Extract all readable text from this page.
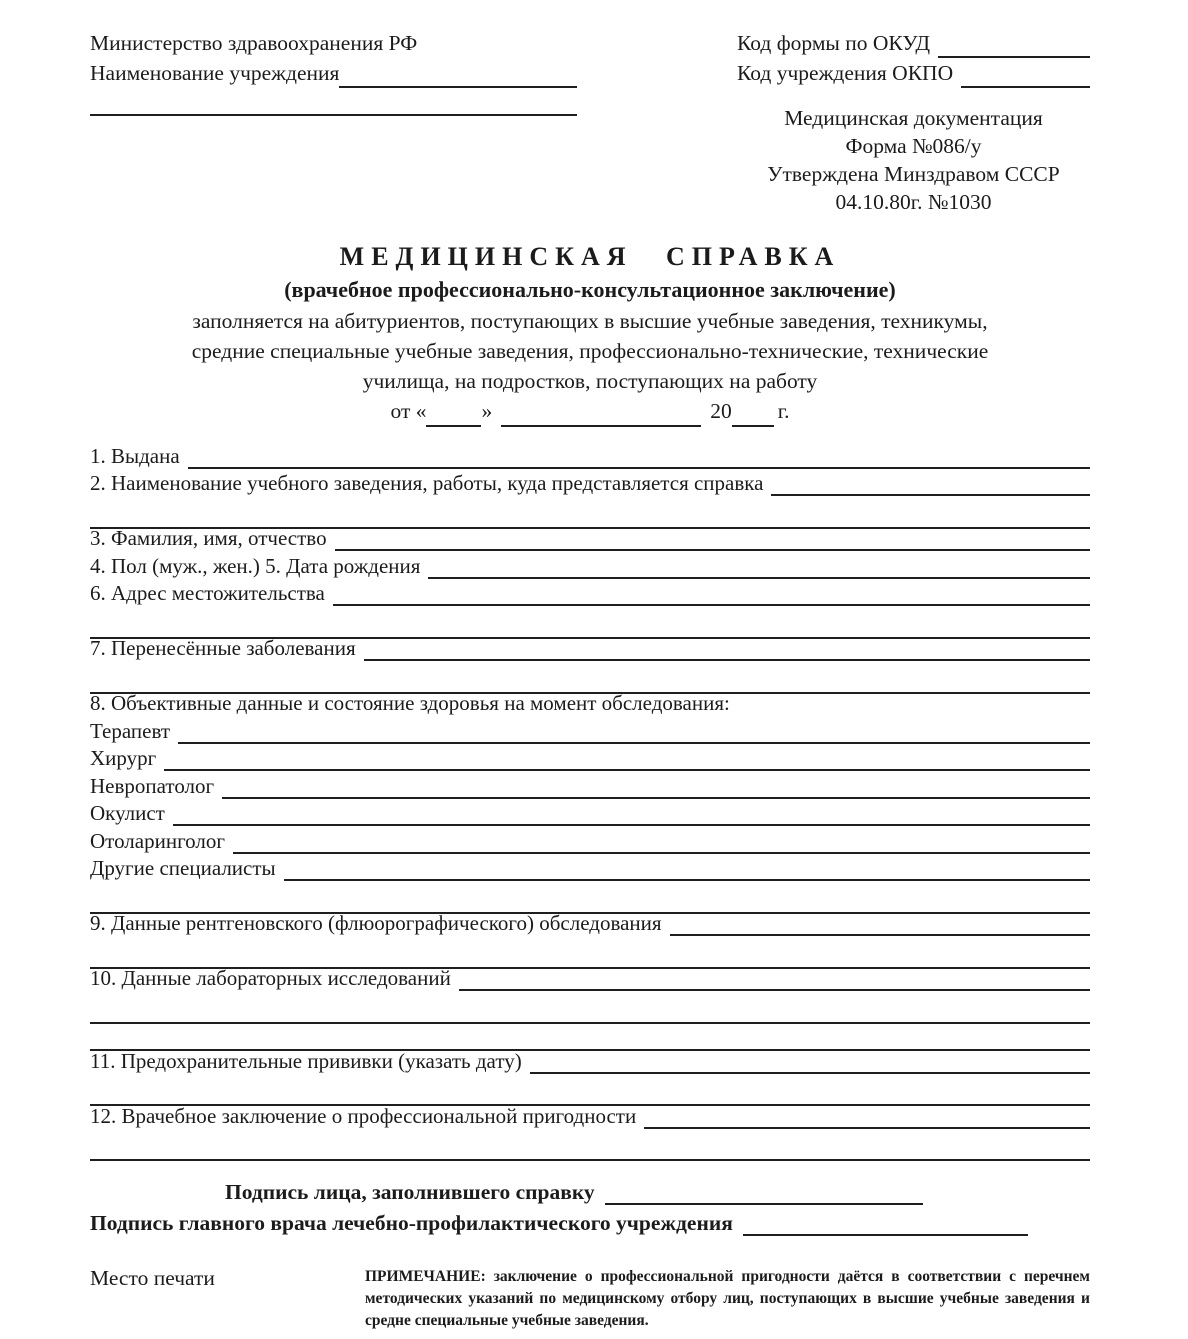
Министерство здравоохранения РФ
Наименование учреждения
Код формы по ОКУД
Код учреждения ОКПО
Медицинская документация
Форма №086/у
Утверждена Минздравом СССР
04.10.80г. №1030
МЕДИЦИНСКАЯ СПРАВКА
(врачебное профессионально-консультационное заключение)
заполняется на абитуриентов, поступающих в высшие учебные заведения, техникумы,
средние специальные учебные заведения, профессионально-технические, технические
училища, на подростков, поступающих на работу
от «	»	20 г.
1. Выдана
2. Наименование учебного заведения, работы, куда представляется справка
3. Фамилия, имя, отчество
4. Пол (муж., жен.) 5. Дата рождения
6. Адрес местожительства
7. Перенесённые заболевания
8. Объективные данные и состояние здоровья на момент обследования:
Терапевт
Хирург
Невропатолог
Окулист
Отоларинголог
Другие специалисты
9. Данные рентгеновского (флюорографического) обследования
10. Данные лабораторных исследований
11. Предохранительные прививки (указать дату)
12. Врачебное заключение о профессиональной пригодности
Подпись лица, заполнившего справку
Подпись главного врача лечебно-профилактического учреждения
Место печати	ПРИМЕЧАНИЕ: заключение о профессиональной пригодности даётся в соответствии с перечнем методических указаний по медицинскому отбору лиц, поступающих в высшие учебные заведения и средне специальные учебные заведения.
